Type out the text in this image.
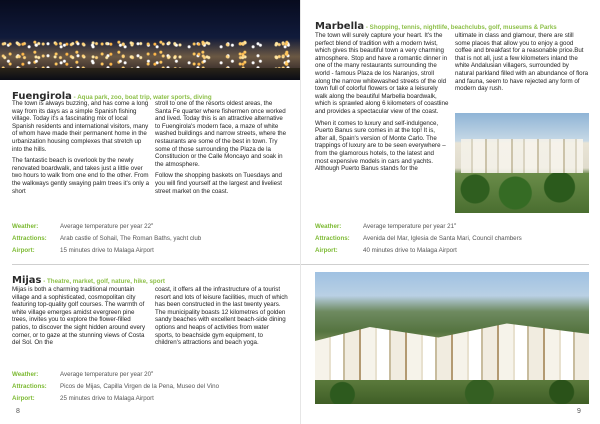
Fuengirola - Aqua park, zoo, boat trip, water sports, diving

The town is always buzzing, and has come a long way from its days as a simple Spanish fishing village. Today it's a fascinating mix of local Spanish residents and international visitors, many of whom have made their permanent home in the urbanization housing complexes that stretch up into the hills.

The fantastic beach is overlook by the newly renovated boardwalk, and takes just a little over two hours to walk from one end to the other. From the walkways gently swaying palm trees it's only a short

stroll to one of the resorts oldest areas, the Santa Fe quarter where fishermen once worked and lived. Today this is an attractive alternative to Fuengirola's modern face, a maze of white washed buildings and narrow streets, where the restaurants are some of the best in town. Try some of those surrounding the Plaza de la Constitucion or the Calle Moncayo and soak in the atmosphere.

Follow the shopping baskets on Tuesdays and you will find yourself at the largest and liveliest street market on the coast.

Weather:	Average temperature per year 22$^o$
Attractions:	Arab castle of Sohail, The Roman Baths, yacht club
Airport:	15 minutes drive to Malaga Airport
Mijas - Theatre, market, golf, nature, hike, sport

Mijas is both a charming traditional mountain village and a sophisticated, cosmopolitan city featuring top-quality golf courses. The warmth of white village emerges amidst evergreen pine trees, invites you to explore the flower-filled patios, to discover the sight hidden around every corner, or to gaze at the stunning views of Costa del Sol. On the

coast, it offers all the infrastructure of a tourist resort and lots of leisure facilities, much of which has been constructed in the last twenty years. The municipality boasts 12 kilometres of golden sandy beaches with excellent beach-side dining options and heaps of activities from water sports, to beachside gym equipment, to children's attractions and beach yoga.

Weather:	Average temperature per year 20$^o$
Attractions:	Picos de Mijas, Capilla Virgen de la Pena, Museo del Vino
Airport:	25 minutes drive to Malaga Airport
8
Marbella - Shopping, tennis, nightlife, beachclubs, golf, museums & Parks

The town will surely capture your heart. It's the perfect blend of tradition with a modern twist, which gives this beautiful town a very charming atmosphere. Stop and have a romantic dinner in one of the many restaurants surrounding the world - famous Plaza de los Naranjos, stroll along the narrow whitewashed streets of the old town full of colorful flowers or take a leisurely walk along the beautiful Marbella boardwalk, which is sprawled along 6 kilometers of coastline and provides a spectacular view of the coast.

When it comes to luxury and self-indulgence, Puerto Banus sure comes in at the top! It is, after all, Spain's version of Monte Carlo. The trappings of luxury are to be seen everywhere – from the glamorous hotels, to the latest and most expensive models in cars and yachts. Although Puerto Banus stands for the

ultimate in class and glamour, there are still some places that allow you to enjoy a good coffee and breakfast for a reasonable price.But that is not all, just a few kilometers inland the white Andalusian villagers, surrounded by natural parkland filled with an abundance of flora and fauna, seem to have rejected any form of modern day rush.

Weather:	Average temperature per year 21$^o$
Attractions:	Avenida del Mar, Iglesia de Santa Mari, Council chambers
Airport:	40 minutes drive to Malaga Airport
9
